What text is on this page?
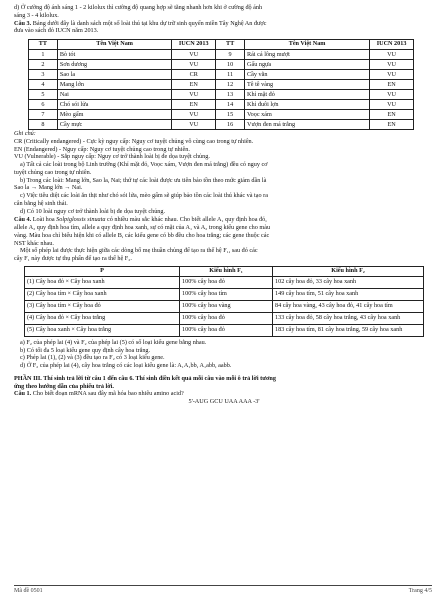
d) Ở cường độ ánh sáng 1 - 2 kilolux thì cường độ quang hợp sẽ tăng nhanh hơn khi ở cường độ ánh

sáng 3 - 4 kilolux.

Câu 3. Bảng dưới đây là danh sách một số loài thú tại khu dự trữ sinh quyển miền Tây Nghệ An được

đưa vào sách đỏ IUCN năm 2013.

TT	Tên Việt Nam	IUCN 2013	TT	Tên Việt Nam	IUCN 2013
1	Bò tót	VU	9	Rái cá lông mượt	VU
2	Sơn dương	VU	10	Gấu ngựa	VU
3	Sao la	CR	11	Cầy vằn	VU
4	Mang lớn	EN	12	Tê tê vàng	EN
5	Nai	VU	13	Khỉ mặt đỏ	VU
6	Chó sói lửa	EN	14	Khỉ đuôi lợn	VU
7	Mèo gấm	VU	15	Voọc xám	EN
8	Cầy mực	VU	16	Vượn đen má trắng	EN

Ghi chú:

CR (Critically endangered) - Cực kỳ nguy cấp: Nguy cơ tuyệt chủng vô cùng cao trong tự nhiên.

EN (Endangered) - Nguy cấp: Nguy cơ tuyệt chủng cao trong tự nhiên.

VU (Vulnerable) - Sắp nguy cấp: Nguy cơ trở thành loài bị đe dọa tuyệt chủng.

a) Tất cả các loài trong bộ Linh trưởng (Khỉ mặt đỏ, Voọc xám, Vượn đen má trắng) đều có nguy cơ

tuyệt chủng cao trong tự nhiên.

b) Trong các loài: Mang lớn, Sao la, Nai; thứ tự các loài được ưu tiên bảo tồn theo mức giảm dần là

Sao la → Mang lớn → Nai.

c) Việc tiêu diệt các loài ăn thịt như chó sói lửa, mèo gấm sẽ giúp bảo tồn các loài thú khác và tạo ra

cân bằng hệ sinh thái.

d) Có 10 loài nguy cơ trở thành loài bị đe dọa tuyệt chủng.

Câu 4. Loài hoa Solpiglossis sinuata có nhiều màu sắc khác nhau. Cho biết allele A₁ quy định hoa đỏ,

allele A₂ quy định hoa tím, allele a quy định hoa xanh, sự có mặt của A₁ và A₂ trong kiểu gene cho màu

vàng. Màu hoa chỉ biểu hiện khi có allele B, các kiểu gene có bb đều cho hoa trắng; các gene thuộc các

NST khác nhau.

Một số phép lai được thực hiện giữa các dòng bố mẹ thuần chủng để tạo ra thế hệ F₁, sau đó các

cây F₁ này được tự thụ phấn để tạo ra thế hệ F₂.

P	Kiểu hình F₁	Kiểu hình F₂
(1) Cây hoa đỏ × Cây hoa xanh	100% cây hoa đỏ	102 cây hoa đỏ, 33 cây hoa xanh
(2) Cây hoa tím × Cây hoa xanh	100% cây hoa tím	149 cây hoa tím, 51 cây hoa xanh
(3) Cây hoa tím × Cây hoa đỏ	100% cây hoa vàng	84 cây hoa vàng, 43 cây hoa đỏ, 41 cây hoa tím
(4) Cây hoa đỏ × Cây hoa trắng	100% cây hoa đỏ	133 cây hoa đỏ, 58 cây hoa trắng, 43 cây hoa xanh
(5) Cây hoa xanh × Cây hoa trắng	100% cây hoa đỏ	183 cây hoa tím, 81 cây hoa trắng, 59 cây hoa xanh

a) F₂ của phép lai (4) và F₂ của phép lai (5) có số loại kiểu gene bằng nhau.

b) Có tối đa 5 loại kiểu gene quy định cây hoa trắng.

c) Phép lai (1), (2) và (3) đều tạo ra F₂ có 3 loại kiểu gene.

d) Ở F₂ của phép lai (4), cây hoa trắng có các loại kiểu gene là: A₁A₁bb, A₁abb, aabb.

PHẦN III. Thí sinh trả lời từ câu 1 đến câu 6. Thí sinh điền kết quả mỗi câu vào mỗi ô trả lời tương

ứng theo hướng dẫn của phiếu trả lời.

Câu 1. Cho biết đoạn mRNA sau đây mã hóa bao nhiêu amino acid?

5'-AUG GCU UAA AAA -3'

Mã đề 0501	Trang 4/5
